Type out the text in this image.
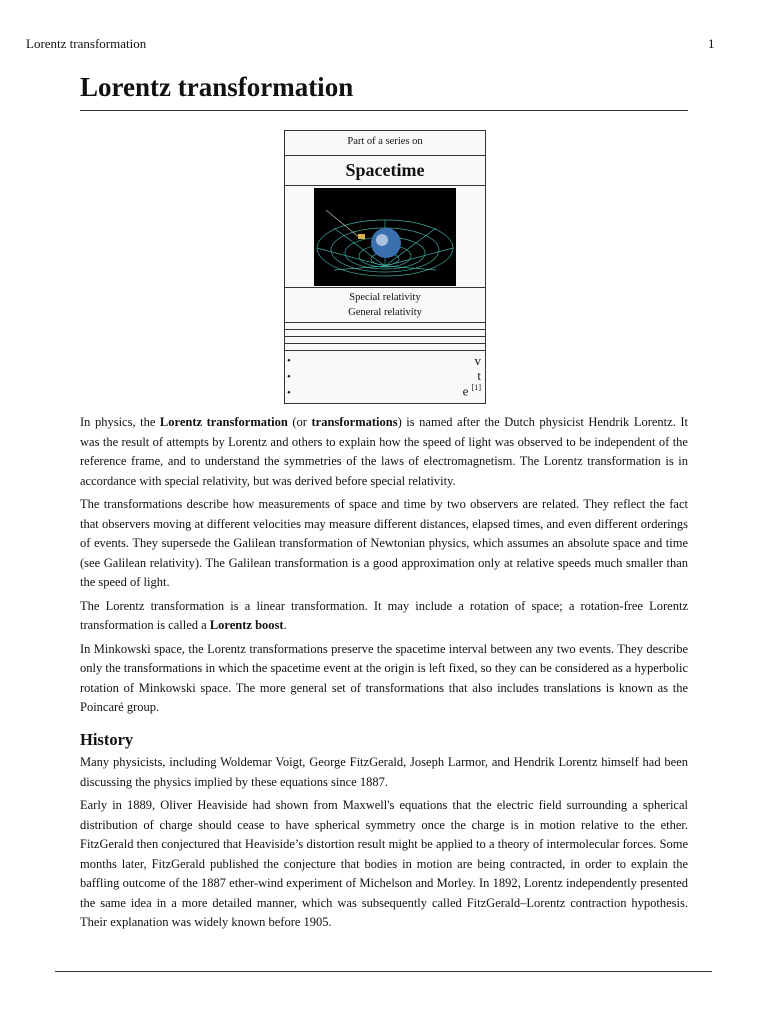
Lorentz transformation	1
Lorentz transformation
Part of a series on
Spacetime
Special relativity
General relativity
•
•
•
v
t
e [1]

In physics, the Lorentz transformation (or transformations) is named after the Dutch physicist Hendrik Lorentz. It was the result of attempts by Lorentz and others to explain how the speed of light was observed to be independent of the reference frame, and to understand the symmetries of the laws of electromagnetism. The Lorentz transformation is in accordance with special relativity, but was derived before special relativity.

The transformations describe how measurements of space and time by two observers are related. They reflect the fact that observers moving at different velocities may measure different distances, elapsed times, and even different orderings of events. They supersede the Galilean transformation of Newtonian physics, which assumes an absolute space and time (see Galilean relativity). The Galilean transformation is a good approximation only at relative speeds much smaller than the speed of light.

The Lorentz transformation is a linear transformation. It may include a rotation of space; a rotation-free Lorentz transformation is called a Lorentz boost.

In Minkowski space, the Lorentz transformations preserve the spacetime interval between any two events. They describe only the transformations in which the spacetime event at the origin is left fixed, so they can be considered as a hyperbolic rotation of Minkowski space. The more general set of transformations that also includes translations is known as the Poincaré group.

History

Many physicists, including Woldemar Voigt, George FitzGerald, Joseph Larmor, and Hendrik Lorentz himself had been discussing the physics implied by these equations since 1887.

Early in 1889, Oliver Heaviside had shown from Maxwell's equations that the electric field surrounding a spherical distribution of charge should cease to have spherical symmetry once the charge is in motion relative to the ether. FitzGerald then conjectured that Heaviside’s distortion result might be applied to a theory of intermolecular forces. Some months later, FitzGerald published the conjecture that bodies in motion are being contracted, in order to explain the baffling outcome of the 1887 ether-wind experiment of Michelson and Morley. In 1892, Lorentz independently presented the same idea in a more detailed manner, which was subsequently called FitzGerald–Lorentz contraction hypothesis. Their explanation was widely known before 1905.
